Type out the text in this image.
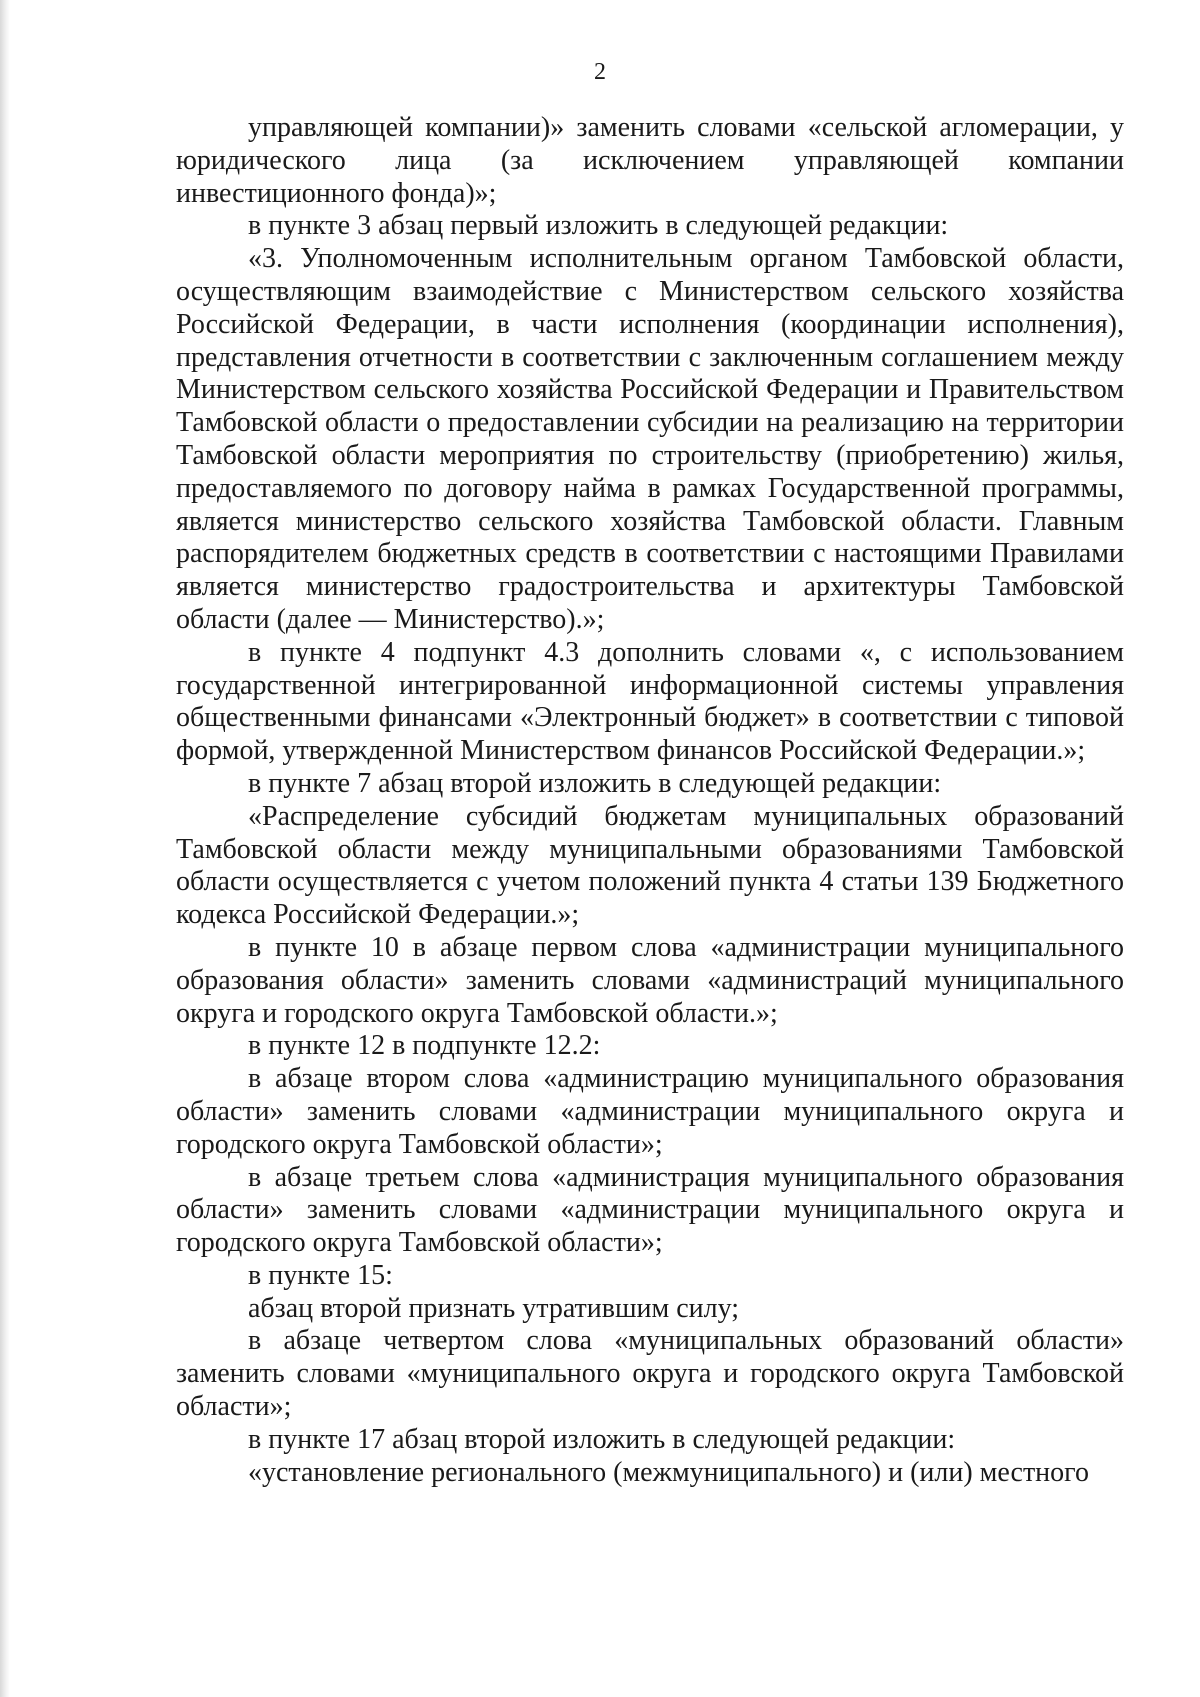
2

управляющей компании)» заменить словами «сельской агломерации, у юридического лица (за исключением управляющей компании инвестиционного фонда)»;

в пункте 3 абзац первый изложить в следующей редакции:

«3. Уполномоченным исполнительным органом Тамбовской области, осуществляющим взаимодействие с Министерством сельского хозяйства Российской Федерации, в части исполнения (координации исполнения), представления отчетности в соответствии с заключенным соглашением между Министерством сельского хозяйства Российской Федерации и Правительством Тамбовской области о предоставлении субсидии на реализацию на территории Тамбовской области мероприятия по строительству (приобретению) жилья, предоставляемого по договору найма в рамках Государственной программы, является министерство сельского хозяйства Тамбовской области. Главным распорядителем бюджетных средств в соответствии с настоящими Правилами является министерство градостроительства и архитектуры Тамбовской области (далее — Министерство).»;

в пункте 4 подпункт 4.3 дополнить словами «, с использованием государственной интегрированной информационной системы управления общественными финансами «Электронный бюджет» в соответствии с типовой формой, утвержденной Министерством финансов Российской Федерации.»;

в пункте 7 абзац второй изложить в следующей редакции:

«Распределение субсидий бюджетам муниципальных образований Тамбовской области между муниципальными образованиями Тамбовской области осуществляется с учетом положений пункта 4 статьи 139 Бюджетного кодекса Российской Федерации.»;

в пункте 10 в абзаце первом слова «администрации муниципального образования области» заменить словами «администраций муниципального округа и городского округа Тамбовской области.»;

в пункте 12 в подпункте 12.2:

в абзаце втором слова «администрацию муниципального образования области» заменить словами «администрации муниципального округа и городского округа Тамбовской области»;

в абзаце третьем слова «администрация муниципального образования области» заменить словами «администрации муниципального округа и городского округа Тамбовской области»;

в пункте 15:

абзац второй признать утратившим силу;

в абзаце четвертом слова «муниципальных образований области» заменить словами «муниципального округа и городского округа Тамбовской области»;

в пункте 17 абзац второй изложить в следующей редакции:

«установление регионального (межмуниципального) и (или) местного
